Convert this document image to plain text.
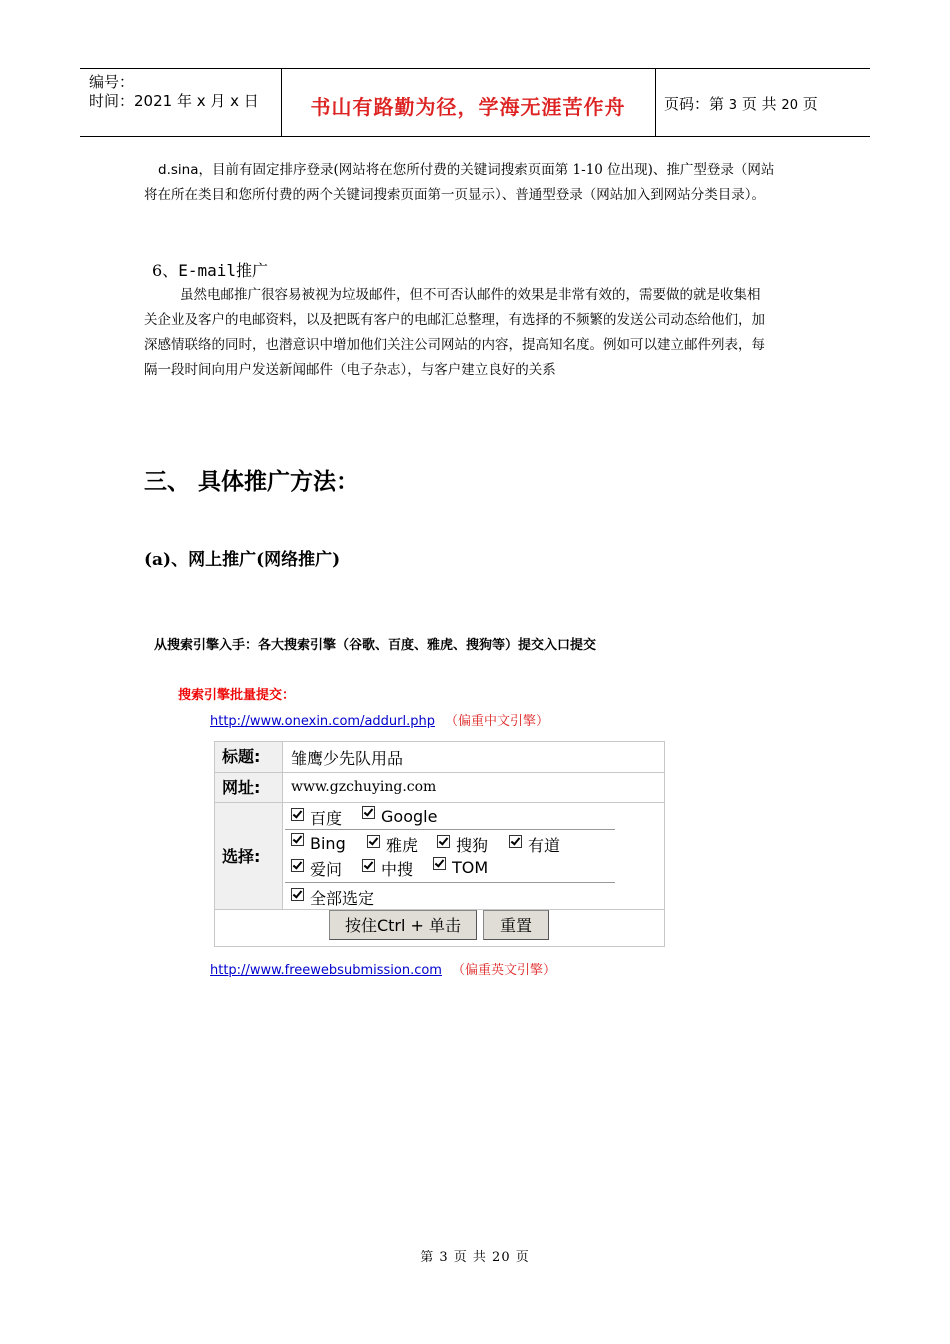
编号：
时间：2021 年 x 月 x 日	书山有路勤为径，学海无涯苦作舟	页码：第 3 页 共 20 页
d.sina，目前有固定排序登录(网站将在您所付费的关键词搜索页面第 1-10 位出现)、推广型登录（网站
将在所在类目和您所付费的两个关键词搜索页面第一页显示）、普通型登录（网站加入到网站分类目录）。
6、E-mail推广
虽然电邮推广很容易被视为垃圾邮件，但不可否认邮件的效果是非常有效的，需要做的就是收集相
关企业及客户的电邮资料，以及把既有客户的电邮汇总整理，有选择的不频繁的发送公司动态给他们，加
深感情联络的同时，也潜意识中增加他们关注公司网站的内容，提高知名度。例如可以建立邮件列表，每
隔一段时间向用户发送新闻邮件（电子杂志），与客户建立良好的关系
三、 具体推广方法：
(a)、网上推广(网络推广)
从搜索引擎入手：各大搜索引擎（谷歌、百度、雅虎、搜狗等）提交入口提交
搜索引擎批量提交：
http://www.onexin.com/addurl.php （偏重中文引擎）
标题:	雏鹰少先队用品
网址:	www.gzchuying.com
选择:
百度	Google
Bing	雅虎	搜狗	有道
爱问	中搜	TOM
全部选定
按住Ctrl + 单击	重置
http://www.freewebsubmission.com （偏重英文引擎）
第 3 页 共 20 页
